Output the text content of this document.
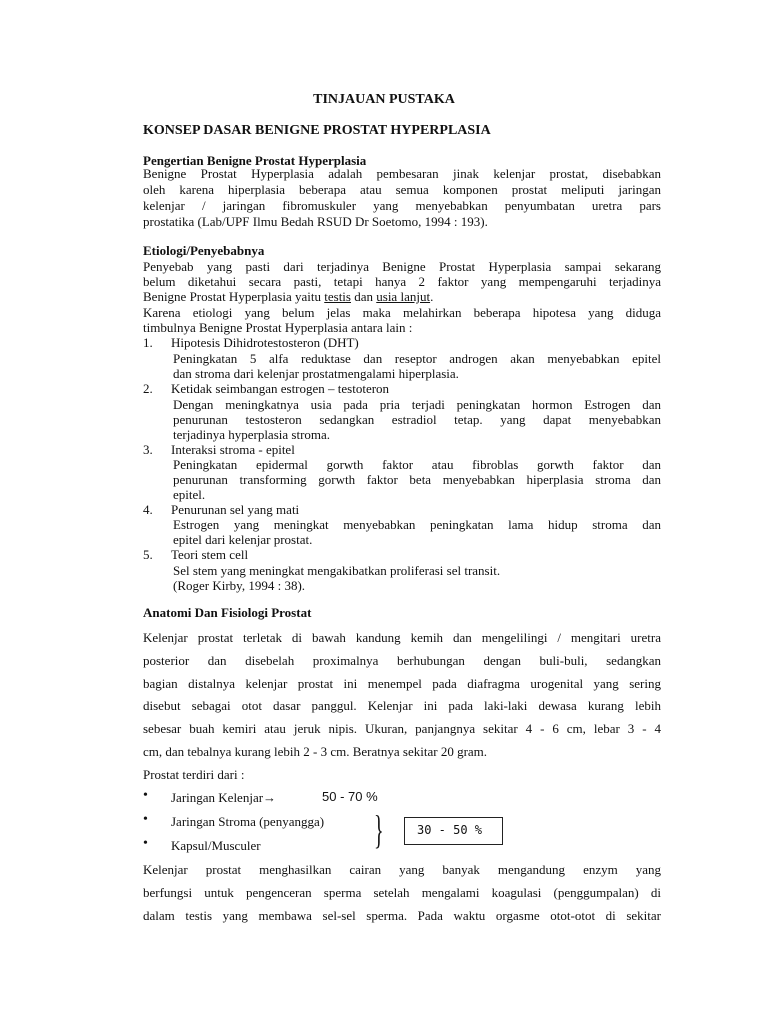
TINJAUAN PUSTAKA
KONSEP DASAR BENIGNE PROSTAT HYPERPLASIA
Pengertian Benigne Prostat Hyperplasia
Benigne Prostat Hyperplasia adalah pembesaran jinak kelenjar prostat, disebabkan
oleh karena hiperplasia beberapa atau semua komponen prostat meliputi jaringan
kelenjar / jaringan fibromuskuler yang menyebabkan penyumbatan uretra pars
prostatika (Lab/UPF Ilmu Bedah RSUD Dr Soetomo, 1994 : 193).
Etiologi/Penyebabnya
Penyebab yang pasti dari terjadinya Benigne Prostat Hyperplasia sampai sekarang
belum diketahui secara pasti, tetapi hanya 2 faktor yang mempengaruhi terjadinya
Benigne Prostat Hyperplasia yaitu testis dan usia lanjut.
Karena etiologi yang belum jelas maka melahirkan beberapa hipotesa yang diduga
timbulnya Benigne Prostat Hyperplasia antara lain :
1. Hipotesis Dihidrotestosteron (DHT)
Peningkatan 5 alfa reduktase dan reseptor androgen akan menyebabkan epitel
dan stroma dari kelenjar prostatmengalami hiperplasia.
2. Ketidak seimbangan estrogen – testoteron
Dengan meningkatnya usia pada pria terjadi peningkatan hormon Estrogen dan
penurunan testosteron sedangkan estradiol tetap. yang dapat menyebabkan
terjadinya hyperplasia stroma.
3. Interaksi stroma - epitel
Peningkatan epidermal gorwth faktor atau fibroblas gorwth faktor dan
penurunan transforming gorwth faktor beta menyebabkan hiperplasia stroma dan
epitel.
4. Penurunan sel yang mati
Estrogen yang meningkat menyebabkan peningkatan lama hidup stroma dan
epitel dari kelenjar prostat.
5. Teori stem cell
Sel stem yang meningkat mengakibatkan proliferasi sel transit.
(Roger Kirby, 1994 : 38).
Anatomi Dan Fisiologi Prostat
Kelenjar prostat terletak di bawah kandung kemih dan mengelilingi / mengitari uretra
posterior dan disebelah proximalnya berhubungan dengan buli-buli, sedangkan
bagian distalnya kelenjar prostat ini menempel pada diafragma urogenital yang sering
disebut sebagai otot dasar panggul. Kelenjar ini pada laki-laki dewasa kurang lebih
sebesar buah kemiri atau jeruk nipis. Ukuran, panjangnya sekitar 4 - 6 cm, lebar 3 - 4
cm, dan tebalnya kurang lebih 2 - 3 cm. Beratnya sekitar 20 gram.
Prostat terdiri dari :
• Jaringan Kelenjar→	50 - 70 %
• Jaringan Stroma (penyangga)
• Kapsul/Musculer	}	30 - 50 %
Kelenjar prostat menghasilkan cairan yang banyak mengandung enzym yang
berfungsi untuk pengenceran sperma setelah mengalami koagulasi (penggumpalan) di
dalam testis yang membawa sel-sel sperma. Pada waktu orgasme otot-otot di sekitar
